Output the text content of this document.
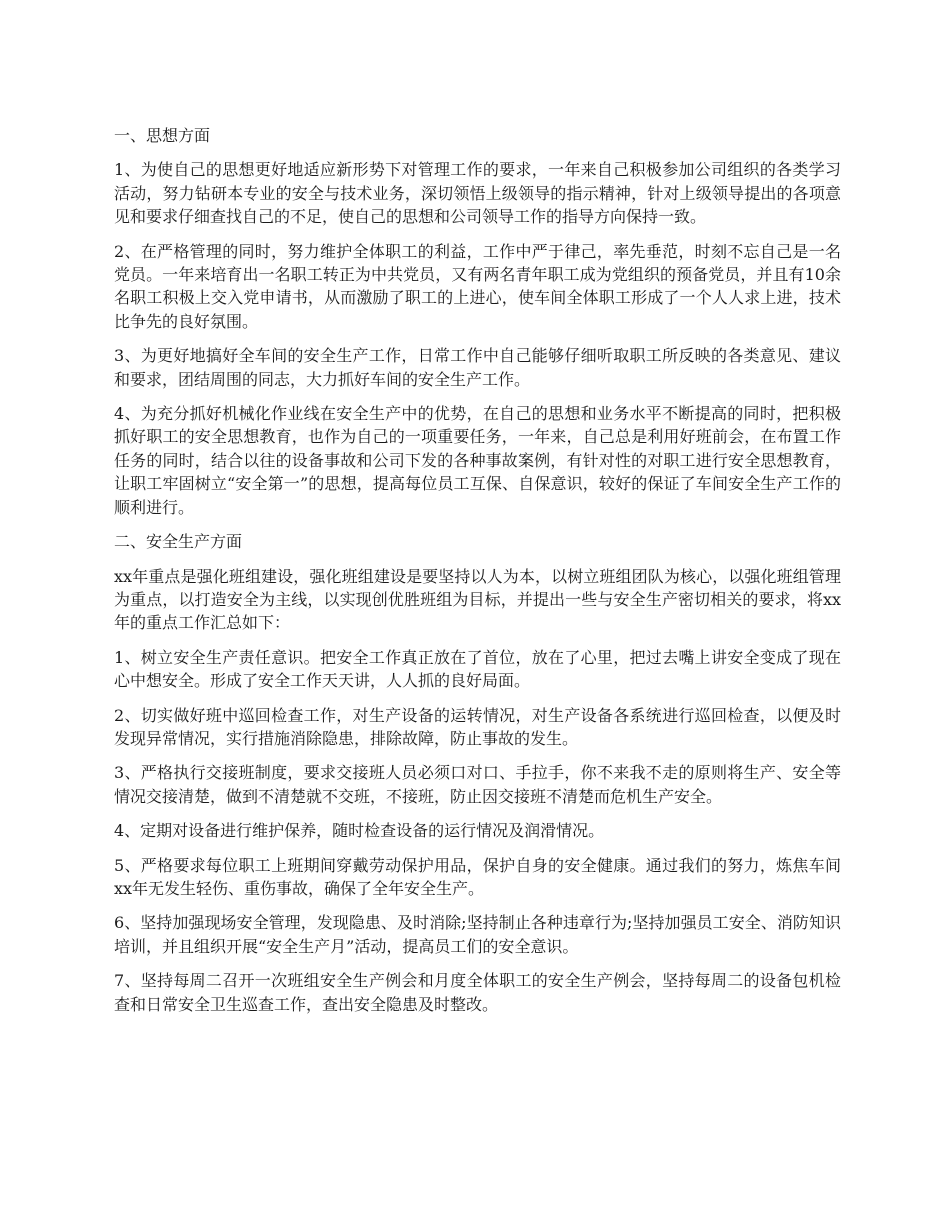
一、思想方面

1、为使自己的思想更好地适应新形势下对管理工作的要求，一年来自己积极参加公司组织的各类学习活动，努力钻研本专业的安全与技术业务，深切领悟上级领导的指示精神，针对上级领导提出的各项意见和要求仔细查找自己的不足，使自己的思想和公司领导工作的指导方向保持一致。

2、在严格管理的同时，努力维护全体职工的利益，工作中严于律己，率先垂范，时刻不忘自己是一名党员。一年来培育出一名职工转正为中共党员，又有两名青年职工成为党组织的预备党员，并且有10余名职工积极上交入党申请书，从而激励了职工的上进心，使车间全体职工形成了一个人人求上进，技术比争先的良好氛围。

3、为更好地搞好全车间的安全生产工作，日常工作中自己能够仔细听取职工所反映的各类意见、建议和要求，团结周围的同志，大力抓好车间的安全生产工作。

4、为充分抓好机械化作业线在安全生产中的优势，在自己的思想和业务水平不断提高的同时，把积极抓好职工的安全思想教育，也作为自己的一项重要任务，一年来，自己总是利用好班前会，在布置工作任务的同时，结合以往的设备事故和公司下发的各种事故案例，有针对性的对职工进行安全思想教育，让职工牢固树立“安全第一”的思想，提高每位员工互保、自保意识，较好的保证了车间安全生产工作的顺利进行。

二、安全生产方面

xx年重点是强化班组建设，强化班组建设是要坚持以人为本，以树立班组团队为核心，以强化班组管理为重点，以打造安全为主线，以实现创优胜班组为目标，并提出一些与安全生产密切相关的要求，将xx年的重点工作汇总如下：

1、树立安全生产责任意识。把安全工作真正放在了首位，放在了心里，把过去嘴上讲安全变成了现在心中想安全。形成了安全工作天天讲，人人抓的良好局面。

2、切实做好班中巡回检查工作，对生产设备的运转情况，对生产设备各系统进行巡回检查，以便及时发现异常情况，实行措施消除隐患，排除故障，防止事故的发生。

3、严格执行交接班制度，要求交接班人员必须口对口、手拉手，你不来我不走的原则将生产、安全等情况交接清楚，做到不清楚就不交班，不接班，防止因交接班不清楚而危机生产安全。

4、定期对设备进行维护保养，随时检查设备的运行情况及润滑情况。

5、严格要求每位职工上班期间穿戴劳动保护用品，保护自身的安全健康。通过我们的努力，炼焦车间xx年无发生轻伤、重伤事故，确保了全年安全生产。

6、坚持加强现场安全管理，发现隐患、及时消除;坚持制止各种违章行为;坚持加强员工安全、消防知识培训，并且组织开展“安全生产月”活动，提高员工们的安全意识。

7、坚持每周二召开一次班组安全生产例会和月度全体职工的安全生产例会，坚持每周二的设备包机检查和日常安全卫生巡查工作，查出安全隐患及时整改。
